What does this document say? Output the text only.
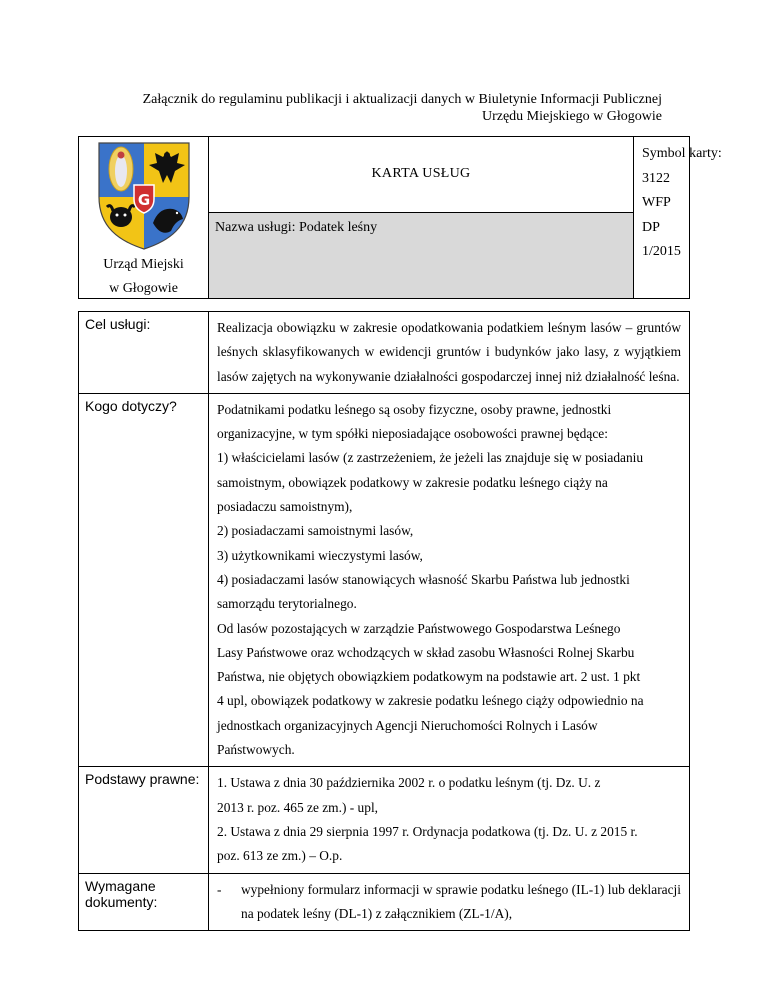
Załącznik do regulaminu publikacji i aktualizacji danych w Biuletynie Informacji Publicznej
Urzędu Miejskiego w Głogowie
G
Urząd Miejski
w Głogowie
KARTA USŁUG
Nazwa usługi: Podatek leśny
Symbol karty:
3122
WFP
DP
1/2015
Cel usługi:	Realizacja obowiązku w zakresie opodatkowania podatkiem leśnym lasów – gruntów leśnych sklasyfikowanych w ewidencji gruntów i budynków jako lasy, z wyjątkiem lasów zajętych na wykonywanie działalności gospodarczej innej niż działalność leśna.

Kogo dotyczy?	Podatnikami podatku leśnego są osoby fizyczne, osoby prawne, jednostki

organizacyjne, w tym spółki nieposiadające osobowości prawnej będące:

1) właścicielami lasów (z zastrzeżeniem, że jeżeli las znajduje się w posiadaniu

samoistnym, obowiązek podatkowy w zakresie podatku leśnego ciąży na

posiadaczu samoistnym),

2) posiadaczami samoistnymi lasów,

3) użytkownikami wieczystymi lasów,

4) posiadaczami lasów stanowiących własność Skarbu Państwa lub jednostki

samorządu terytorialnego.

Od lasów pozostających w zarządzie Państwowego Gospodarstwa Leśnego

Lasy Państwowe oraz wchodzących w skład zasobu Własności Rolnej Skarbu

Państwa, nie objętych obowiązkiem podatkowym na podstawie art. 2 ust. 1 pkt

4 upl, obowiązek podatkowy w zakresie podatku leśnego ciąży odpowiednio na

jednostkach organizacyjnych Agencji Nieruchomości Rolnych i Lasów

Państwowych.

Podstawy prawne:	1. Ustawa z dnia 30 października 2002 r. o podatku leśnym (tj. Dz. U. z

2013 r. poz. 465 ze zm.) - upl,

2. Ustawa z dnia 29 sierpnia 1997 r. Ordynacja podatkowa (tj. Dz. U. z 2015 r.

poz. 613 ze zm.) – O.p.

Wymagane dokumenty:
-	wypełniony formularz informacji w sprawie podatku leśnego (IL-1) lub deklaracji na podatek leśny (DL-1) z załącznikiem (ZL-1/A),
